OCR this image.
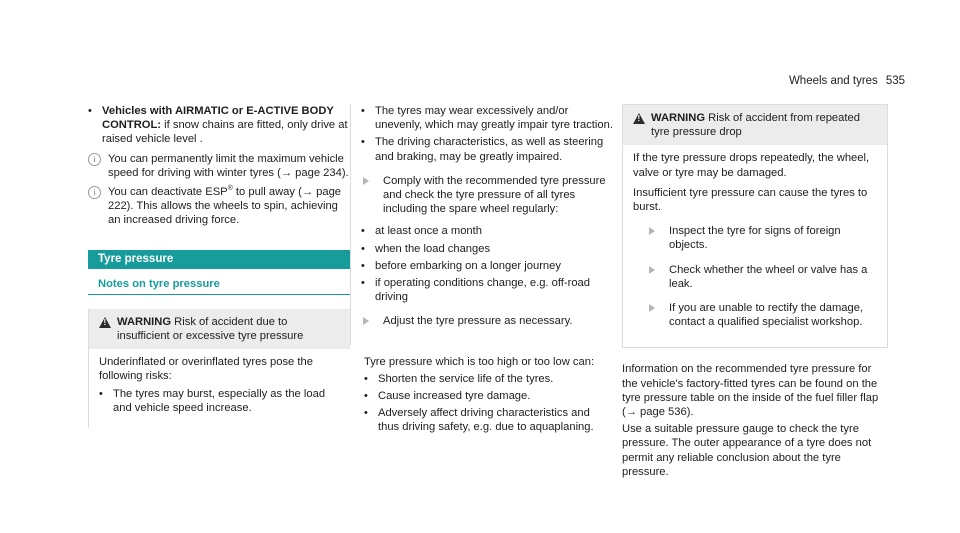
Wheels and tyres 535
• Vehicles with AIRMATIC or E-ACTIVE BODY CONTROL: if snow chains are fitted, only drive at raised vehicle level .
i	You can permanently limit the maximum vehicle speed for driving with winter tyres (→ page 234).
i	You can deactivate ESP® to pull away (→ page 222). This allows the wheels to spin, achieving an increased driving force.
Tyre pressure
Notes on tyre pressure
!
WARNING Risk of accident due to insufficient or excessive tyre pressure

Underinflated or overinflated tyres pose the following risks:

• The tyres may burst, especially as the load and vehicle speed increase.
• The tyres may wear excessively and/or unevenly, which may greatly impair tyre traction.
• The driving characteristics, as well as steering and braking, may be greatly impaired.
Comply with the recommended tyre pressure and check the tyre pressure of all tyres including the spare wheel regularly:
• at least once a month
• when the load changes
• before embarking on a longer journey
• if operating conditions change, e.g. off-road driving
Adjust the tyre pressure as necessary.

Tyre pressure which is too high or too low can:

• Shorten the service life of the tyres.
• Cause increased tyre damage.
• Adversely affect driving characteristics and thus driving safety, e.g. due to aquaplaning.
!
WARNING Risk of accident from repeated tyre pressure drop

If the tyre pressure drops repeatedly, the wheel, valve or tyre may be damaged.

Insufficient tyre pressure can cause the tyres to burst.

Inspect the tyre for signs of foreign objects.
Check whether the wheel or valve has a leak.
If you are unable to rectify the damage, contact a qualified specialist workshop.

Information on the recommended tyre pressure for the vehicle's factory-fitted tyres can be found on the tyre pressure table on the inside of the fuel filler flap (→ page 536).

Use a suitable pressure gauge to check the tyre pressure. The outer appearance of a tyre does not permit any reliable conclusion about the tyre pressure.
